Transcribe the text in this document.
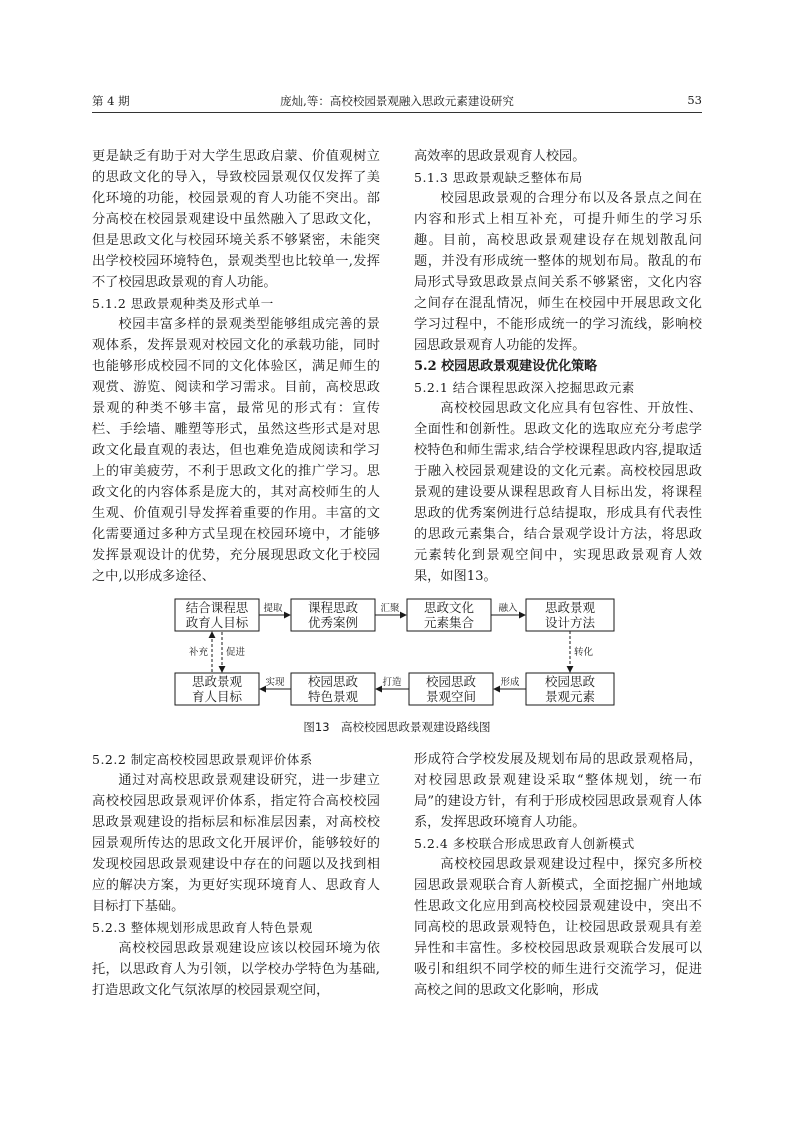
第 4 期	庞灿,等：高校校园景观融入思政元素建设研究	53

更是缺乏有助于对大学生思政启蒙、价值观树立的思政文化的导入，导致校园景观仅仅发挥了美化环境的功能，校园景观的育人功能不突出。部分高校在校园景观建设中虽然融入了思政文化，但是思政文化与校园环境关系不够紧密，未能突出学校校园环境特色，景观类型也比较单一,发挥不了校园思政景观的育人功能。

5.1.2 思政景观种类及形式单一

校园丰富多样的景观类型能够组成完善的景观体系，发挥景观对校园文化的承载功能，同时也能够形成校园不同的文化体验区，满足师生的观赏、游览、阅读和学习需求。目前，高校思政景观的种类不够丰富，最常见的形式有：宣传栏、手绘墙、雕塑等形式，虽然这些形式是对思政文化最直观的表达，但也难免造成阅读和学习上的审美疲劳，不利于思政文化的推广学习。思政文化的内容体系是庞大的，其对高校师生的人生观、价值观引导发挥着重要的作用。丰富的文化需要通过多种方式呈现在校园环境中，才能够发挥景观设计的优势，充分展现思政文化于校园之中,以形成多途径、

高效率的思政景观育人校园。

5.1.3 思政景观缺乏整体布局

校园思政景观的合理分布以及各景点之间在内容和形式上相互补充，可提升师生的学习乐趣。目前，高校思政景观建设存在规划散乱问题，并没有形成统一整体的规划布局。散乱的布局形式导致思政景点间关系不够紧密，文化内容之间存在混乱情况，师生在校园中开展思政文化学习过程中，不能形成统一的学习流线，影响校园思政景观育人功能的发挥。

5.2 校园思政景观建设优化策略
5.2.1 结合课程思政深入挖掘思政元素

高校校园思政文化应具有包容性、开放性、全面性和创新性。思政文化的选取应充分考虑学校特色和师生需求,结合学校课程思政内容,提取适于融入校园景观建设的文化元素。高校校园思政景观的建设要从课程思政育人目标出发，将课程思政的优秀案例进行总结提取，形成具有代表性的思政元素集合，结合景观学设计方法，将思政元素转化到景观空间中，实现思政景观育人效果，如图13。

结合课程思
政育人目标
课程思政
优秀案例
思政文化
元素集合
思政景观
设计方法
思政景观
育人目标
校园思政
特色景观
校园思政
景观空间
校园思政
景观元素
提取	汇聚	融入
转化
形成
打造
实现
补充 促进
图13　高校校园思政景观建设路线图
5.2.2 制定高校校园思政景观评价体系

通过对高校思政景观建设研究，进一步建立高校校园思政景观评价体系，指定符合高校校园思政景观建设的指标层和标准层因素，对高校校园景观所传达的思政文化开展评价，能够较好的发现校园思政景观建设中存在的问题以及找到相应的解决方案，为更好实现环境育人、思政育人目标打下基础。

5.2.3 整体规划形成思政育人特色景观

高校校园思政景观建设应该以校园环境为依托，以思政育人为引领，以学校办学特色为基础,打造思政文化气氛浓厚的校园景观空间，

形成符合学校发展及规划布局的思政景观格局，对校园思政景观建设采取“整体规划，统一布局”的建设方针，有利于形成校园思政景观育人体系，发挥思政环境育人功能。

5.2.4 多校联合形成思政育人创新模式

高校校园思政景观建设过程中，探究多所校园思政景观联合育人新模式，全面挖掘广州地域性思政文化应用到高校校园景观建设中，突出不同高校的思政景观特色，让校园思政景观具有差异性和丰富性。多校校园思政景观联合发展可以吸引和组织不同学校的师生进行交流学习，促进高校之间的思政文化影响，形成
